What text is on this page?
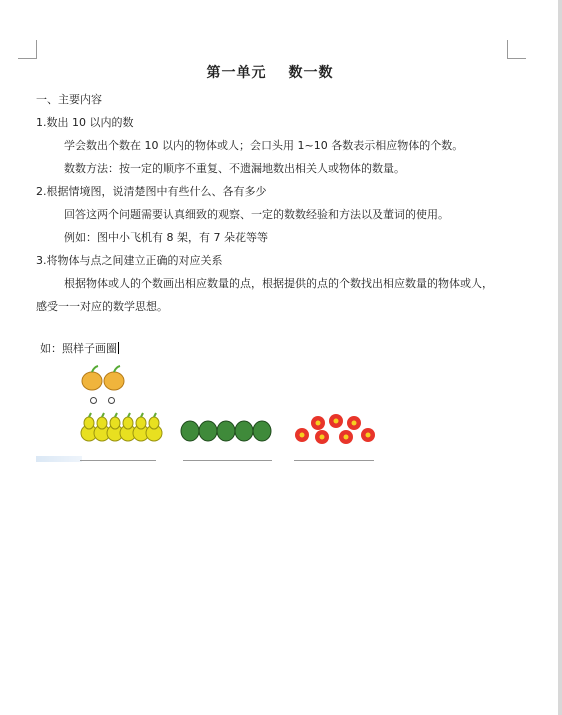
第一单元 数一数
一、主要内容
1.数出 10 以内的数
学会数出个数在 10 以内的物体或人；会口头用 1~10 各数表示相应物体的个数。
数数方法：按一定的顺序不重复、不遗漏地数出相关人或物体的数量。
2.根据情境图，说清楚图中有些什么、各有多少
回答这两个问题需要认真细致的观察、一定的数数经验和方法以及董词的使用。
例如：图中小飞机有 8 架，有 7 朵花等等
3.将物体与点之间建立正确的对应关系
根据物体或人的个数画出相应数量的点，根据提供的点的个数找出相应数量的物体或人，
感受一一对应的数学思想。
如：照样子画圈
